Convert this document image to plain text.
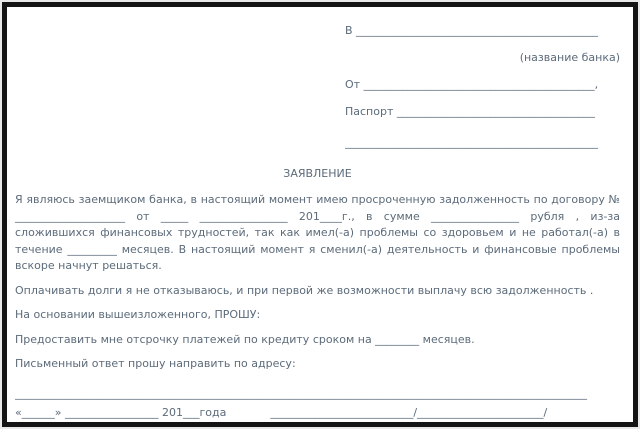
В ____________________________________________
(название банка)
От __________________________________________,
Паспорт ____________________________________
______________________________________________
ЗАЯВЛЕНИЕ

Я являюсь заемщиком банка, в настоящий момент имею просроченную задолженность по договору № ____________________ от _____ ________________ 201____г., в сумме ________________ рубля , из-за сложившихся финансовых трудностей, так как имел(-а) проблемы со здоровьем и не работал(-а) в течение _________ месяцев. В настоящий момент я сменил(-а) деятельность и финансовые проблемы вскоре начнут решаться.

Оплачивать долги я не отказываюсь, и при первой же возможности выплачу всю задолженность .

На основании вышеизложенного, ПРОШУ:

Предоставить мне отсрочку платежей по кредиту сроком на ________ месяцев.

Письменный ответ прошу направить по адресу:

________________________________________________________________________________________________________
«______» _________________ 201___года	__________________________/_______________________/
